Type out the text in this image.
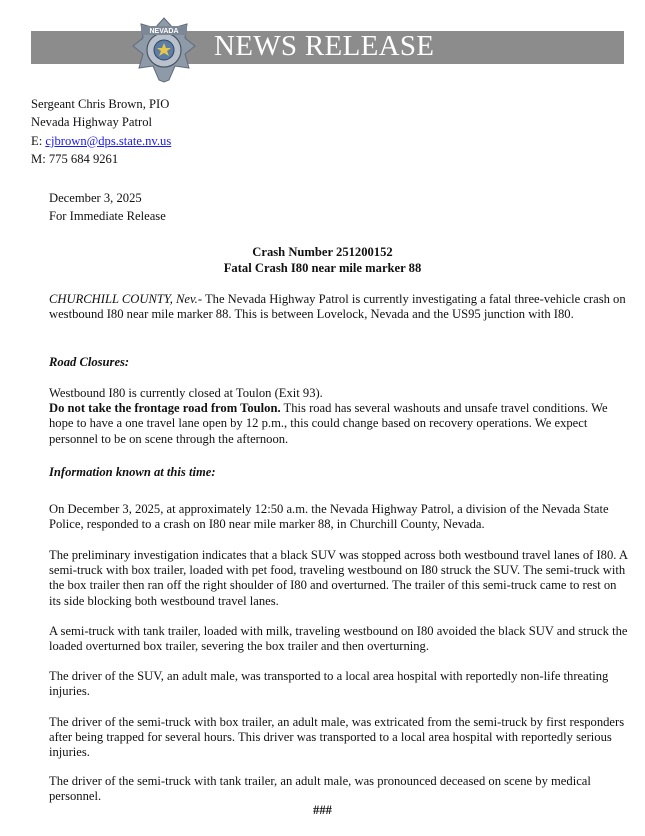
NEWS RELEASE
NEVADA
Sergeant Chris Brown, PIO
Nevada Highway Patrol
E: cjbrown@dps.state.nv.us
M: 775 684 9261
December 3, 2025
For Immediate Release
Crash Number 251200152
Fatal Crash I80 near mile marker 88

CHURCHILL COUNTY, Nev.- The Nevada Highway Patrol is currently investigating a fatal three-vehicle crash on westbound I80 near mile marker 88. This is between Lovelock, Nevada and the US95 junction with I80.

Road Closures:

Westbound I80 is currently closed at Toulon (Exit 93).

Do not take the frontage road from Toulon. This road has several washouts and unsafe travel conditions. We hope to have a one travel lane open by 12 p.m., this could change based on recovery operations. We expect personnel to be on scene through the afternoon.

Information known at this time:

On December 3, 2025, at approximately 12:50 a.m. the Nevada Highway Patrol, a division of the Nevada State Police, responded to a crash on I80 near mile marker 88, in Churchill County, Nevada.

The preliminary investigation indicates that a black SUV was stopped across both westbound travel lanes of I80. A semi-truck with box trailer, loaded with pet food, traveling westbound on I80 struck the SUV. The semi-truck with the box trailer then ran off the right shoulder of I80 and overturned. The trailer of this semi-truck came to rest on its side blocking both westbound travel lanes.

A semi-truck with tank trailer, loaded with milk, traveling westbound on I80 avoided the black SUV and struck the loaded overturned box trailer, severing the box trailer and then overturning.

The driver of the SUV, an adult male, was transported to a local area hospital with reportedly non-life threating injuries.

The driver of the semi-truck with box trailer, an adult male, was extricated from the semi-truck by first responders after being trapped for several hours. This driver was transported to a local area hospital with reportedly serious injuries.

The driver of the semi-truck with tank trailer, an adult male, was pronounced deceased on scene by medical personnel.

###
